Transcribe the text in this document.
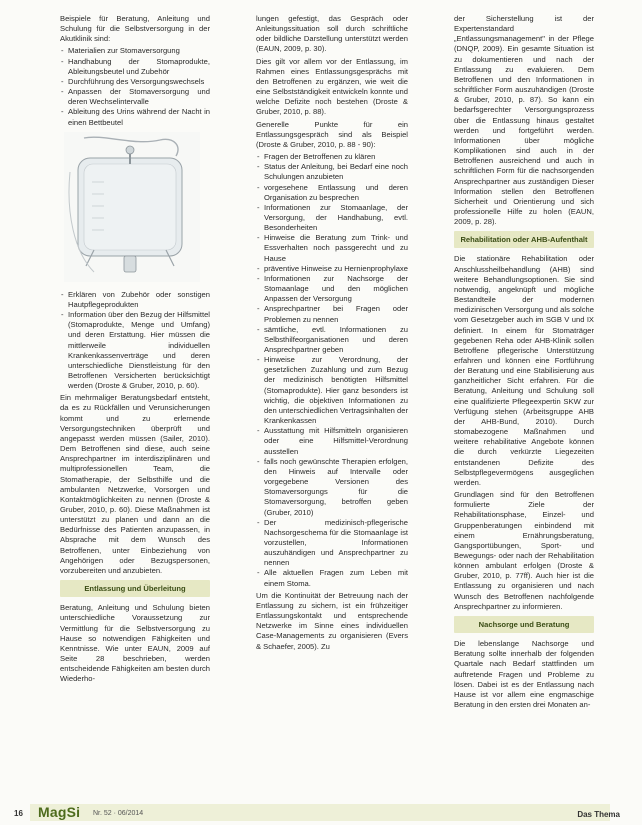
Beispiele für Beratung, Anleitung und Schulung für die Selbstversorgung in der Akutklinik sind:

- Materialien zur Stomaversorgung
- Handhabung der Stomaprodukte, Ableitungsbeutel und Zubehör
- Durchführung des Versorgungswechsels
- Anpassen der Stomaversorgung und deren Wechselintervalle
- Ableitung des Urins während der Nacht in einen Bettbeutel
- Erklären von Zubehör oder sonstigen Hautpflegeprodukten
- Information über den Bezug der Hilfsmittel (Stomaprodukte, Menge und Umfang) und deren Erstattung. Hier müssen die mittlerweile individuellen Krankenkassenverträge und deren unterschiedliche Dienstleistung für den Betroffenen Versicherten berücksichtigt werden (Droste & Gruber, 2010, p. 60).

Ein mehrmaliger Beratungsbedarf entsteht, da es zu Rückfällen und Verunsicherungen kommt und zu erlernende Versorgungstechniken überprüft und angepasst werden müssen (Sailer, 2010). Dem Betroffenen sind diese, auch seine Ansprechpartner im interdisziplinären und multiprofessionellen Team, die Stomatherapie, der Selbsthilfe und die ambulanten Netzwerke, Vorsorgen und Kontaktmöglichkeiten zu nennen (Droste & Gruber, 2010, p. 60). Diese Maßnahmen ist unterstützt zu planen und dann an die Bedürfnisse des Patienten anzupassen, in Absprache mit dem Wunsch des Betroffenen, unter Einbeziehung von Angehörigen oder Bezugspersonen, vorzubereiten und anzubieten.

Entlassung und Überleitung

Beratung, Anleitung und Schulung bieten unterschiedliche Voraussetzung zur Vermittlung für die Selbstversorgung zu Hause so notwendigen Fähigkeiten und Kenntnisse. Wie unter EAUN, 2009 auf Seite 28 beschrieben, werden entscheidende Fähigkeiten am besten durch Wiederho-

lungen gefestigt, das Gespräch oder Anleitungssituation soll durch schriftliche oder bildliche Darstellung unterstützt werden (EAUN, 2009, p. 30).

Dies gilt vor allem vor der Entlassung, im Rahmen eines Entlassungsgesprächs mit den Betroffenen zu ergänzen, wie weit die eine Selbstständigkeit entwickeln konnte und welche Defizite noch bestehen (Droste & Gruber, 2010, p. 88).

Generelle Punkte für ein Entlassungsgespräch sind als Beispiel (Droste & Gruber, 2010, p. 88 - 90):

- Fragen der Betroffenen zu klären
- Status der Anleitung, bei Bedarf eine noch Schulungen anzubieten
- vorgesehene Entlassung und deren Organisation zu besprechen
- Informationen zur Stomaanlage, der Versorgung, der Handhabung, evtl. Besonderheiten
- Hinweise die Beratung zum Trink- und Essverhalten noch passgerecht und zu Hause
- präventive Hinweise zu Hernienprophylaxe
- Informationen zur Nachsorge der Stomaanlage und den möglichen Anpassen der Versorgung
- Ansprechpartner bei Fragen oder Problemen zu nennen
- sämtliche, evtl. Informationen zu Selbsthilfeorganisationen und deren Ansprechpartner geben
- Hinweise zur Verordnung, der gesetzlichen Zuzahlung und zum Bezug der medizinisch benötigten Hilfsmittel (Stomaprodukte). Hier ganz besonders ist wichtig, die objektiven Informationen zu den unterschiedlichen Vertragsinhalten der Krankenkassen
- Ausstattung mit Hilfsmitteln organisieren oder eine Hilfsmittel-Verordnung ausstellen
- falls noch gewünschte Therapien erfolgen, den Hinweis auf Intervalle oder vorgegebene Versionen des Stomaversorgungs für die Stomaversorgung, betroffen geben (Gruber, 2010)
- Der medizinisch-pflegerische Nachsorgeschema für die Stomaanlage ist vorzustellen, Informationen auszuhändigen und Ansprechpartner zu nennen
- Alle aktuellen Fragen zum Leben mit einem Stoma.

Um die Kontinuität der Betreuung nach der Entlassung zu sichern, ist ein frühzeitiger Entlassungskontakt und entsprechende Netzwerke im Sinne eines individuellen Case-Managements zu organisieren (Evers & Schaefer, 2005). Zu

der Sicherstellung ist der Expertenstandard „Entlassungsmanagement" in der Pflege (DNQP, 2009). Ein gesamte Situation ist zu dokumentieren und nach der Entlassung zu evaluieren. Dem Betroffenen und den Informationen in schriftlicher Form auszuhändigen (Droste & Gruber, 2010, p. 87). So kann ein bedarfsgerechter Versorgungsprozess über die Entlassung hinaus gestaltet werden und fortgeführt werden. Informationen über mögliche Komplikationen sind auch in der Betroffenen ausreichend und auch in schriftlichen Form für die nachsorgenden Ansprechpartner aus zuständigen Dieser Information stellen den Betroffenen Sicherheit und Orientierung und sich professionelle Hilfe zu holen (EAUN, 2009, p. 28).

Rehabilitation oder AHB-Aufenthalt

Die stationäre Rehabilitation oder Anschlussheilbehandlung (AHB) sind weitere Behandlungsoptionen. Sie sind notwendig, angeknüpft und mögliche Bestandteile der modernen medizinischen Versorgung und als solche vom Gesetzgeber auch im SGB V und IX definiert. In einem für Stomaträger gegebenen Reha oder AHB-Klinik sollen Betroffene pflegerische Unterstützung erfahren und können eine Fortführung der Beratung und eine Stabilisierung aus ganzheitlicher Sicht erfahren. Für die Beratung, Anleitung und Schulung soll eine qualifizierte Pflegeexpertin SKW zur Verfügung stehen (Arbeitsgruppe AHB der AHB-Bund, 2010). Durch stomabezogene Maßnahmen und weitere rehabilitative Angebote können die durch verkürzte Liegezeiten entstandenen Defizite des Selbstpflegevermögens ausgeglichen werden.

Grundlagen sind für den Betroffenen formulierte Ziele der Rehabilitationsphase, Einzel- und Gruppenberatungen einbindend mit einem Ernährungsberatung, Gangsportübungen, Sport- und Bewegungs- oder nach der Rehabilitation können ambulant erfolgen (Droste & Gruber, 2010, p. 77ff). Auch hier ist die Entlassung zu organisieren und nach Wunsch des Betroffenen nachfolgende Ansprechpartner zu informieren.

Nachsorge und Beratung

Die lebenslange Nachsorge und Beratung sollte innerhalb der folgenden Quartale nach Bedarf stattfinden um auftretende Fragen und Probleme zu lösen. Dabei ist es der Entlassung nach Hause ist vor allem eine engmaschige Beratung in den ersten drei Monaten an-

16 MagSi Nr. 52 · 06/2014	Das Thema
